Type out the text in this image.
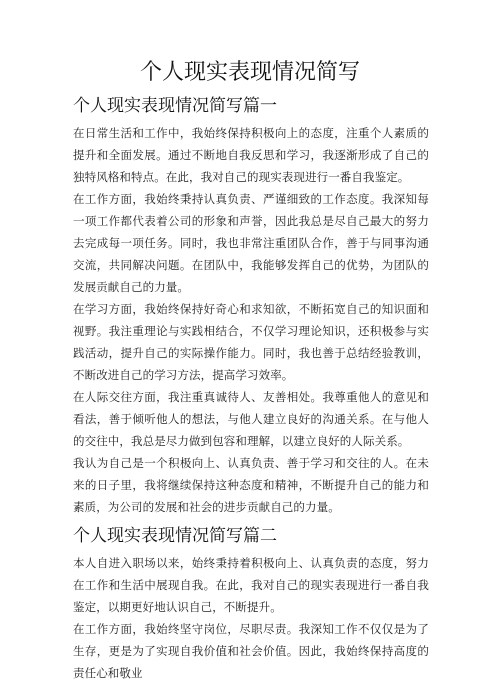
个人现实表现情况简写
个人现实表现情况简写篇一

在日常生活和工作中，我始终保持积极向上的态度，注重个人素质的提升和全面发展。通过不断地自我反思和学习，我逐渐形成了自己的独特风格和特点。在此，我对自己的现实表现进行一番自我鉴定。

在工作方面，我始终秉持认真负责、严谨细致的工作态度。我深知每一项工作都代表着公司的形象和声誉，因此我总是尽自己最大的努力去完成每一项任务。同时，我也非常注重团队合作，善于与同事沟通交流，共同解决问题。在团队中，我能够发挥自己的优势，为团队的发展贡献自己的力量。

在学习方面，我始终保持好奇心和求知欲，不断拓宽自己的知识面和视野。我注重理论与实践相结合，不仅学习理论知识，还积极参与实践活动，提升自己的实际操作能力。同时，我也善于总结经验教训，不断改进自己的学习方法，提高学习效率。

在人际交往方面，我注重真诚待人、友善相处。我尊重他人的意见和看法，善于倾听他人的想法，与他人建立良好的沟通关系。在与他人的交往中，我总是尽力做到包容和理解，以建立良好的人际关系。

我认为自己是一个积极向上、认真负责、善于学习和交往的人。在未来的日子里，我将继续保持这种态度和精神，不断提升自己的能力和素质，为公司的发展和社会的进步贡献自己的力量。

个人现实表现情况简写篇二

本人自进入职场以来，始终秉持着积极向上、认真负责的态度，努力在工作和生活中展现自我。在此，我对自己的现实表现进行一番自我鉴定，以期更好地认识自己，不断提升。

在工作方面，我始终坚守岗位，尽职尽责。我深知工作不仅仅是为了生存，更是为了实现自我价值和社会价值。因此，我始终保持高度的责任心和敬业
